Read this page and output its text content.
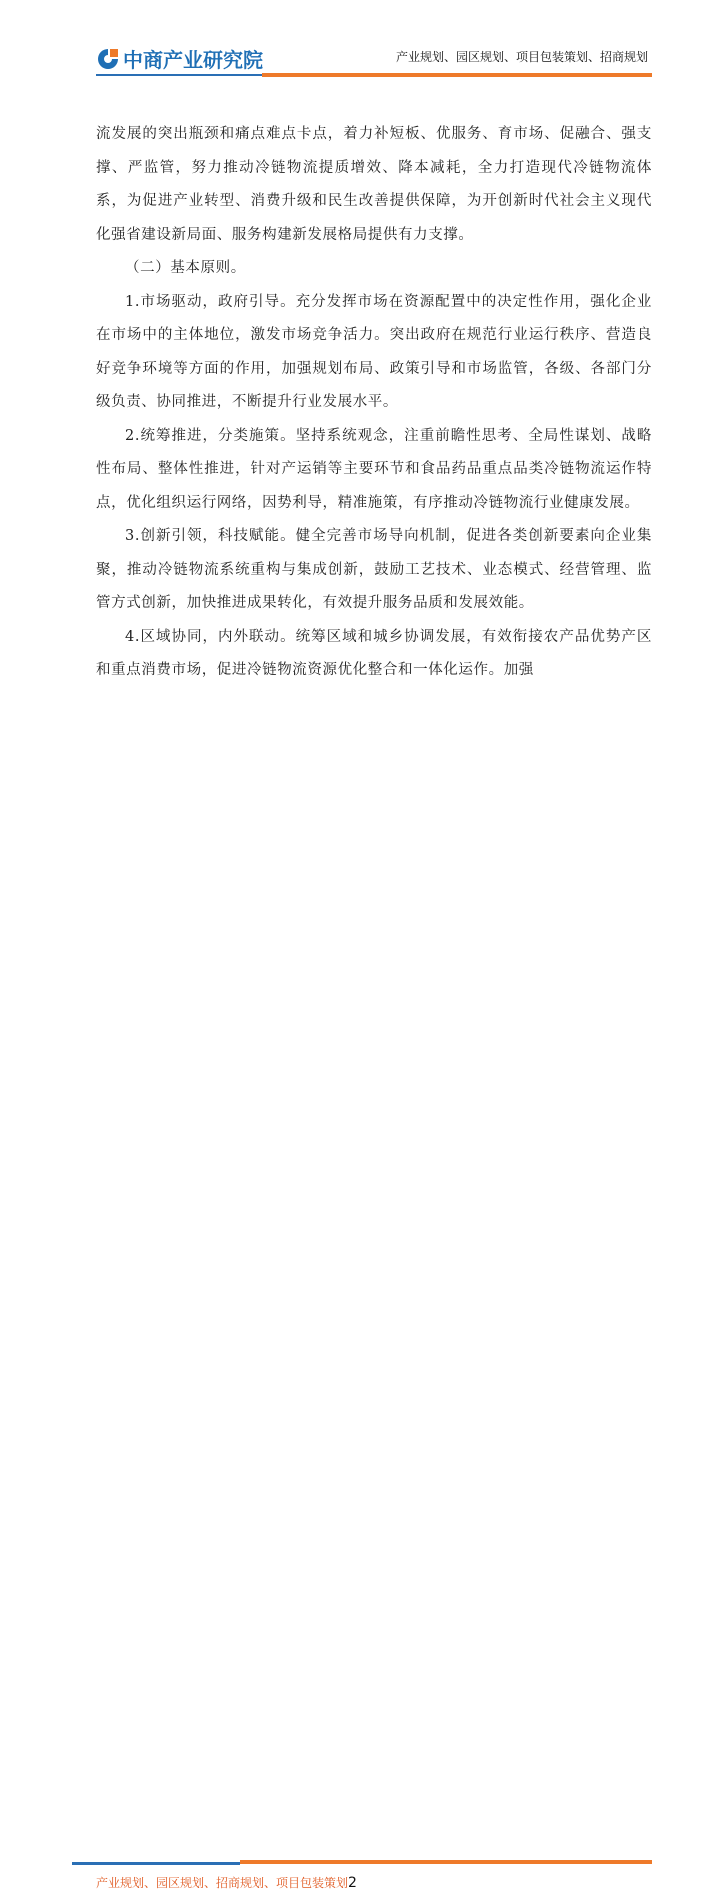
中商产业研究院	产业规划、园区规划、项目包装策划、招商规划

流发展的突出瓶颈和痛点难点卡点，着力补短板、优服务、育市场、促融合、强支撑、严监管，努力推动冷链物流提质增效、降本减耗，全力打造现代冷链物流体系，为促进产业转型、消费升级和民生改善提供保障，为开创新时代社会主义现代化强省建设新局面、服务构建新发展格局提供有力支撑。

（二）基本原则。

1.市场驱动，政府引导。充分发挥市场在资源配置中的决定性作用，强化企业在市场中的主体地位，激发市场竞争活力。突出政府在规范行业运行秩序、营造良好竞争环境等方面的作用，加强规划布局、政策引导和市场监管，各级、各部门分级负责、协同推进，不断提升行业发展水平。

2.统筹推进，分类施策。坚持系统观念，注重前瞻性思考、全局性谋划、战略性布局、整体性推进，针对产运销等主要环节和食品药品重点品类冷链物流运作特点，优化组织运行网络，因势利导，精准施策，有序推动冷链物流行业健康发展。

3.创新引领，科技赋能。健全完善市场导向机制，促进各类创新要素向企业集聚，推动冷链物流系统重构与集成创新，鼓励工艺技术、业态模式、经营管理、监管方式创新，加快推进成果转化，有效提升服务品质和发展效能。

4.区域协同，内外联动。统筹区域和城乡协调发展，有效衔接农产品优势产区和重点消费市场，促进冷链物流资源优化整合和一体化运作。加强

产业规划、园区规划、招商规划、项目包装策划2
